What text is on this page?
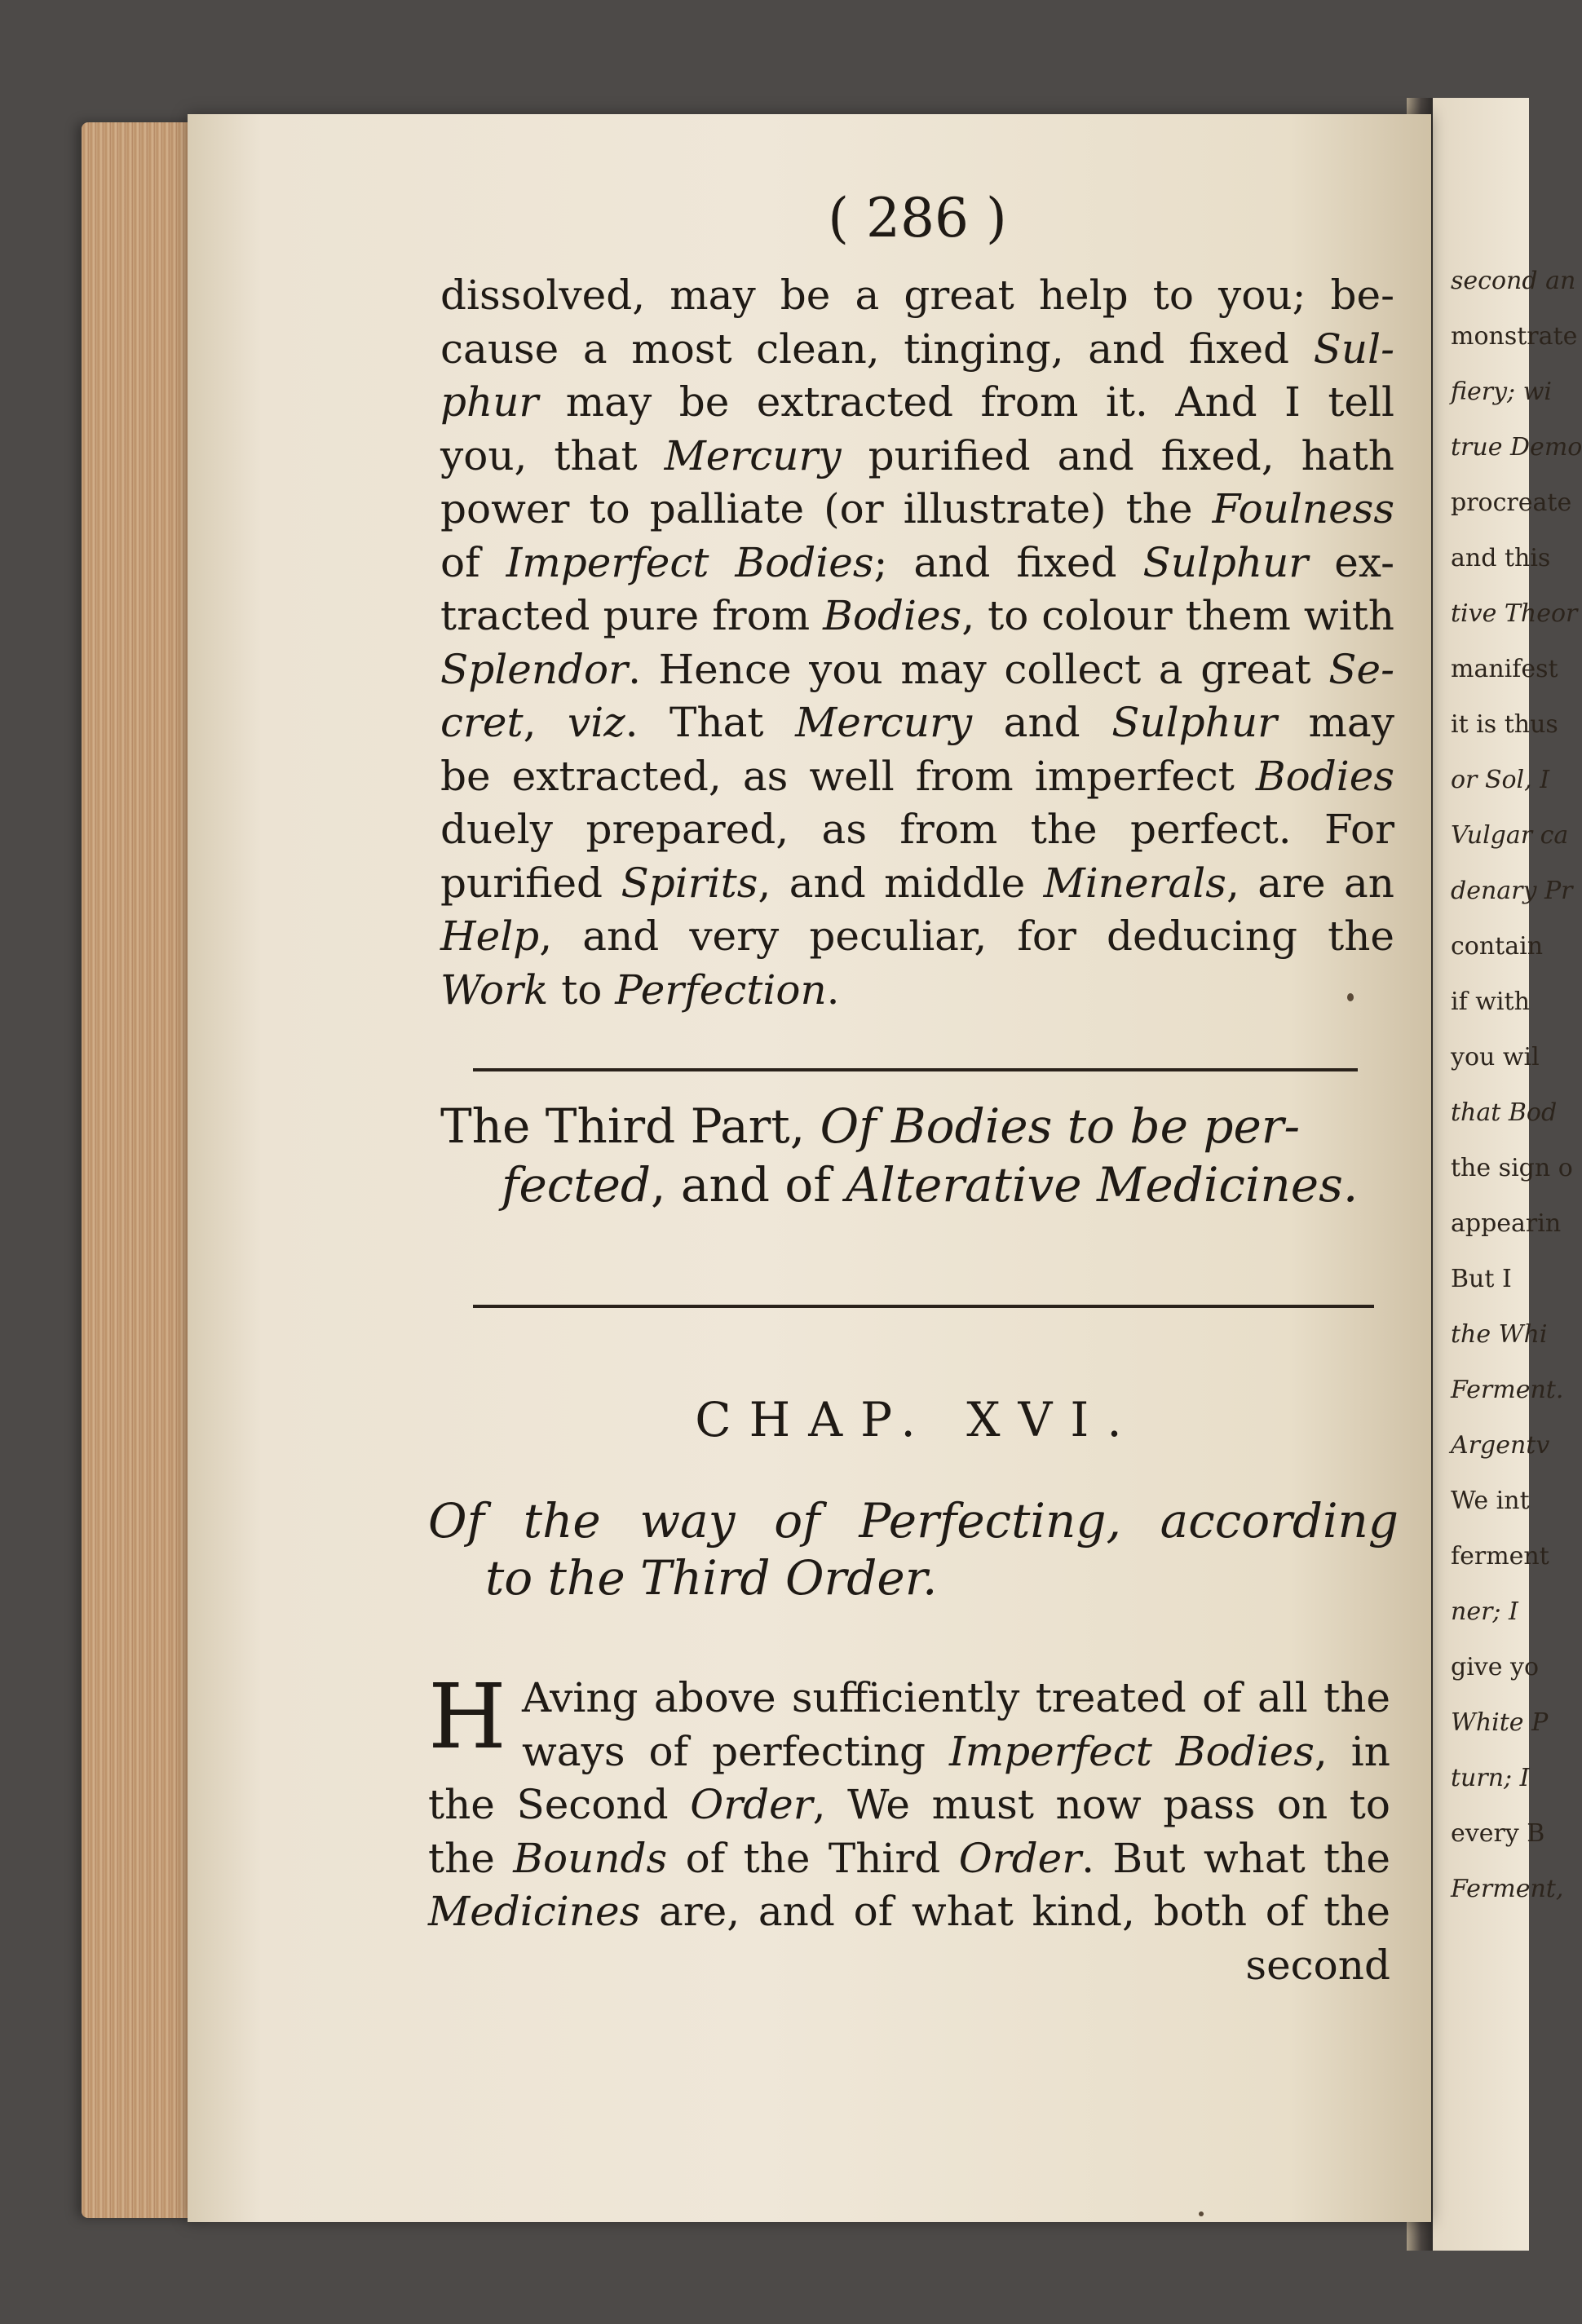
second an
monstrate
fiery; wi
true Demo
procreate
and this
tive Theor
manifest
it is thus
or Sol, I
Vulgar ca
denary Pr
contain
if with
you wil
that Bod
the sign o
appearin
But I
the Whi
Ferment.
Argentv
We int
ferment
ner; I
give yo
White P
turn; I
every B
Ferment,
( 286 )

dissolved, may be a great help to you; be-
cause a most clean, tinging, and fixed Sul-
phur may be extracted from it. And I tell
you, that Mercury purified and fixed, hath
power to palliate (or illustrate) the Foulness
of Imperfect Bodies; and fixed Sulphur ex-
tracted pure from Bodies, to colour them with
Splendor. Hence you may collect a great Se-
cret, viz. That Mercury and Sulphur may
be extracted, as well from imperfect Bodies
duely prepared, as from the perfect. For
purified Spirits, and middle Minerals, are an
Help, and very peculiar, for deducing the
Work to Perfection.

The Third Part, Of Bodies to be per-
fected, and of Alterative Medicines.
CHAP. XVI.
Of the way of Perfecting, according
to the Third Order.
H Aving above sufficiently treated of all the
ways of perfecting Imperfect Bodies, in
the Second Order, We must now pass on to
the Bounds of the Third Order. But what the
Medicines are, and of what kind, both of the
second
